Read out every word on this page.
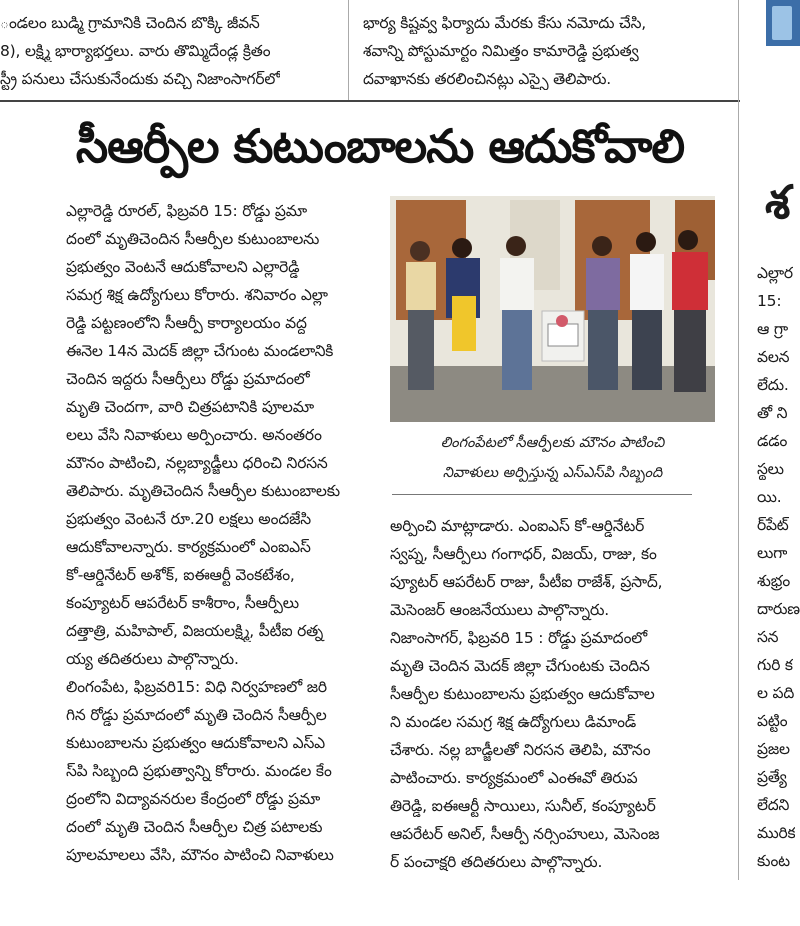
ండలం బుడ్మి గ్రామానికి చెందిన బొక్కి జీవన్
8), లక్ష్మి భార్యాభర్తలు. వారు తొమ్మిదేండ్ల క్రితం
స్ట్రీ పనులు చేసుకునేందుకు వచ్చి నిజాంసాగర్‌లో
భార్య కిష్టవ్వ ఫిర్యాదు మేరకు కేసు నమోదు చేసి,
శవాన్ని పోస్టుమార్టం నిమిత్తం కామారెడ్డి ప్రభుత్వ
దవాఖానకు తరలించినట్లు ఎస్సై తెలిపారు.
సీఆర్పీల కుటుంబాలను ఆదుకోవాలి
ఎల్లారెడ్డి రూరల్, ఫిబ్రవరి 15: రోడ్డు ప్రమా
దంలో మృతిచెందిన సీఆర్పీల కుటుంబాలను
ప్రభుత్వం వెంటనే ఆదుకోవాలని ఎల్లారెడ్డి
సమగ్ర శిక్ష ఉద్యోగులు కోరారు. శనివారం ఎల్లా
రెడ్డి పట్టణంలోని సీఆర్పీ కార్యాలయం వద్ద
ఈనెల 14న మెదక్ జిల్లా చేగుంట మండలానికి
చెందిన ఇద్దరు సీఆర్పీలు రోడ్డు ప్రమాదంలో
మృతి చెందగా, వారి చిత్రపటానికి పూలమా
లలు వేసి నివాళులు అర్పించారు. అనంతరం
మౌనం పాటించి, నల్లబ్యాడ్జీలు ధరించి నిరసన
తెలిపారు. మృతిచెందిన సీఆర్పీల కుటుంబాలకు
ప్రభుత్వం వెంటనే రూ.20 లక్షలు అందజేసి
ఆదుకోవాలన్నారు. కార్యక్రమంలో ఎంఐఎస్
కో-ఆర్డినేటర్ అశోక్, ఐఈఆర్టీ వెంకటేశం,
కంప్యూటర్ ఆపరేటర్ కాశీరాం, సీఆర్పీలు
దత్తాత్రి, మహిపాల్, విజయలక్ష్మి, పీటీఐ రత్న
య్య తదితరులు పాల్గొన్నారు.
లింగంపేట, ఫిబ్రవరి15: విధి నిర్వహణలో జరి
గిన రోడ్డు ప్రమాదంలో మృతి చెందిన సీఆర్పీల
కుటుంబాలను ప్రభుత్వం ఆదుకోవాలని ఎస్ఎ
స్‌పి సిబ్బంది ప్రభుత్వాన్ని కోరారు. మండల కేం
ద్రంలోని విద్యావనరుల కేంద్రంలో రోడ్డు ప్రమా
దంలో మృతి చెందిన సీఆర్పీల చిత్ర పటాలకు
పూలమాలలు వేసి, మౌనం పాటించి నివాళులు
లింగంపేటలో సీఆర్పీలకు మౌనం పాటించి
నివాళులు అర్పిస్తున్న ఎస్ఎస్‌పి సిబ్బంది
అర్పించి మాట్లాడారు. ఎంఐఎస్ కో-ఆర్డినేటర్
స్వప్న, సీఆర్పీలు గంగాధర్, విజయ్, రాజు, కం
ప్యూటర్ ఆపరేటర్ రాజు, పీటీఐ రాజేశ్, ప్రసాద్,
మెసెంజర్ ఆంజనేయులు పాల్గొన్నారు.
నిజాంసాగర్, ఫిబ్రవరి 15 : రోడ్డు ప్రమాదంలో
మృతి చెందిన మెదక్ జిల్లా చేగుంటకు చెందిన
సీఆర్పీల కుటుంబాలను ప్రభుత్వం ఆదుకోవాల
ని మండల సమగ్ర శిక్ష ఉద్యోగులు డిమాండ్
చేశారు. నల్ల బాడ్జీలతో నిరసన తెలిపి, మౌనం
పాటించారు. కార్యక్రమంలో ఎంఈవో తిరుప
తిరెడ్డి, ఐఈఆర్టీ సాయిలు, సునీల్, కంప్యూటర్
ఆపరేటర్ అనిల్, సీఆర్పీ నర్సింహులు, మెసెంజ
ర్ పంచాక్షరి తదితరులు పాల్గొన్నారు.
శ
ఎల్లార
15:
ఆ గ్రా
వలన
లేదు.
తో ని
డడం
స్థలు
యి.
ర్‌పేట్
లుగా
శుభ్రం
దారుణ
సన
గురి క
ల పది
పట్టిం
ప్రజల
ప్రత్యే
లేదని
మురిక
కుంట
